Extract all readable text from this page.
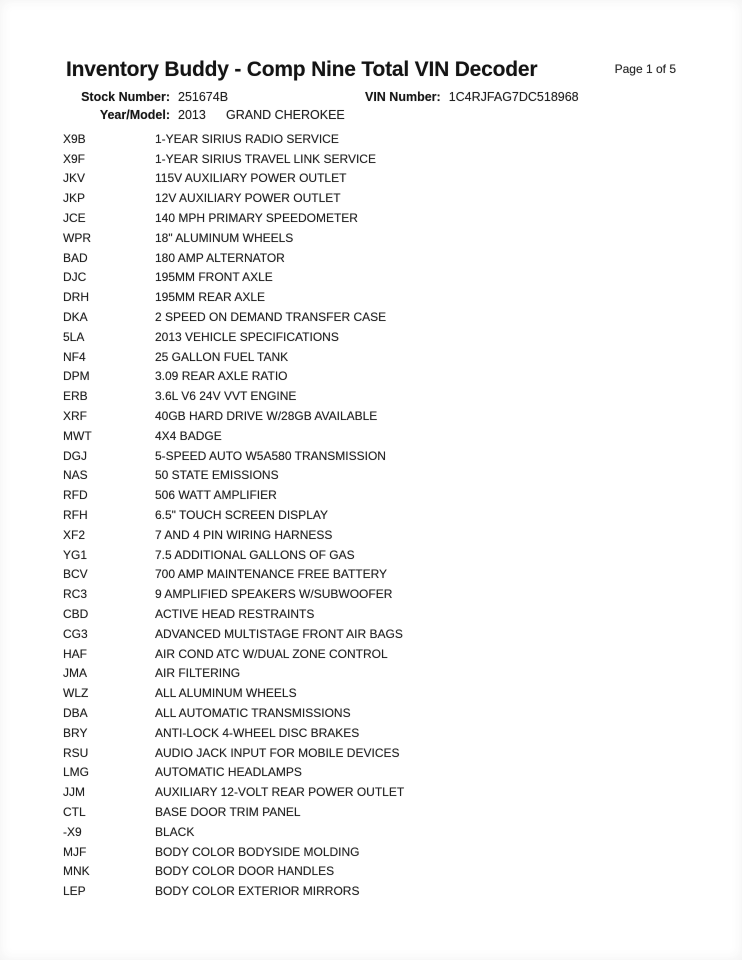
Inventory Buddy - Comp Nine Total VIN Decoder	Page 1 of 5
Stock Number: 251674B	VIN Number: 1C4RJFAG7DC518968
Year/Model: 2013 GRAND CHEROKEE
X9B	1-YEAR SIRIUS RADIO SERVICE
X9F	1-YEAR SIRIUS TRAVEL LINK SERVICE
JKV	115V AUXILIARY POWER OUTLET
JKP	12V AUXILIARY POWER OUTLET
JCE	140 MPH PRIMARY SPEEDOMETER
WPR	18" ALUMINUM WHEELS
BAD	180 AMP ALTERNATOR
DJC	195MM FRONT AXLE
DRH	195MM REAR AXLE
DKA	2 SPEED ON DEMAND TRANSFER CASE
5LA	2013 VEHICLE SPECIFICATIONS
NF4	25 GALLON FUEL TANK
DPM	3.09 REAR AXLE RATIO
ERB	3.6L V6 24V VVT ENGINE
XRF	40GB HARD DRIVE W/28GB AVAILABLE
MWT	4X4 BADGE
DGJ	5-SPEED AUTO W5A580 TRANSMISSION
NAS	50 STATE EMISSIONS
RFD	506 WATT AMPLIFIER
RFH	6.5" TOUCH SCREEN DISPLAY
XF2	7 AND 4 PIN WIRING HARNESS
YG1	7.5 ADDITIONAL GALLONS OF GAS
BCV	700 AMP MAINTENANCE FREE BATTERY
RC3	9 AMPLIFIED SPEAKERS W/SUBWOOFER
CBD	ACTIVE HEAD RESTRAINTS
CG3	ADVANCED MULTISTAGE FRONT AIR BAGS
HAF	AIR COND ATC W/DUAL ZONE CONTROL
JMA	AIR FILTERING
WLZ	ALL ALUMINUM WHEELS
DBA	ALL AUTOMATIC TRANSMISSIONS
BRY	ANTI-LOCK 4-WHEEL DISC BRAKES
RSU	AUDIO JACK INPUT FOR MOBILE DEVICES
LMG	AUTOMATIC HEADLAMPS
JJM	AUXILIARY 12-VOLT REAR POWER OUTLET
CTL	BASE DOOR TRIM PANEL
-X9	BLACK
MJF	BODY COLOR BODYSIDE MOLDING
MNK	BODY COLOR DOOR HANDLES
LEP	BODY COLOR EXTERIOR MIRRORS
